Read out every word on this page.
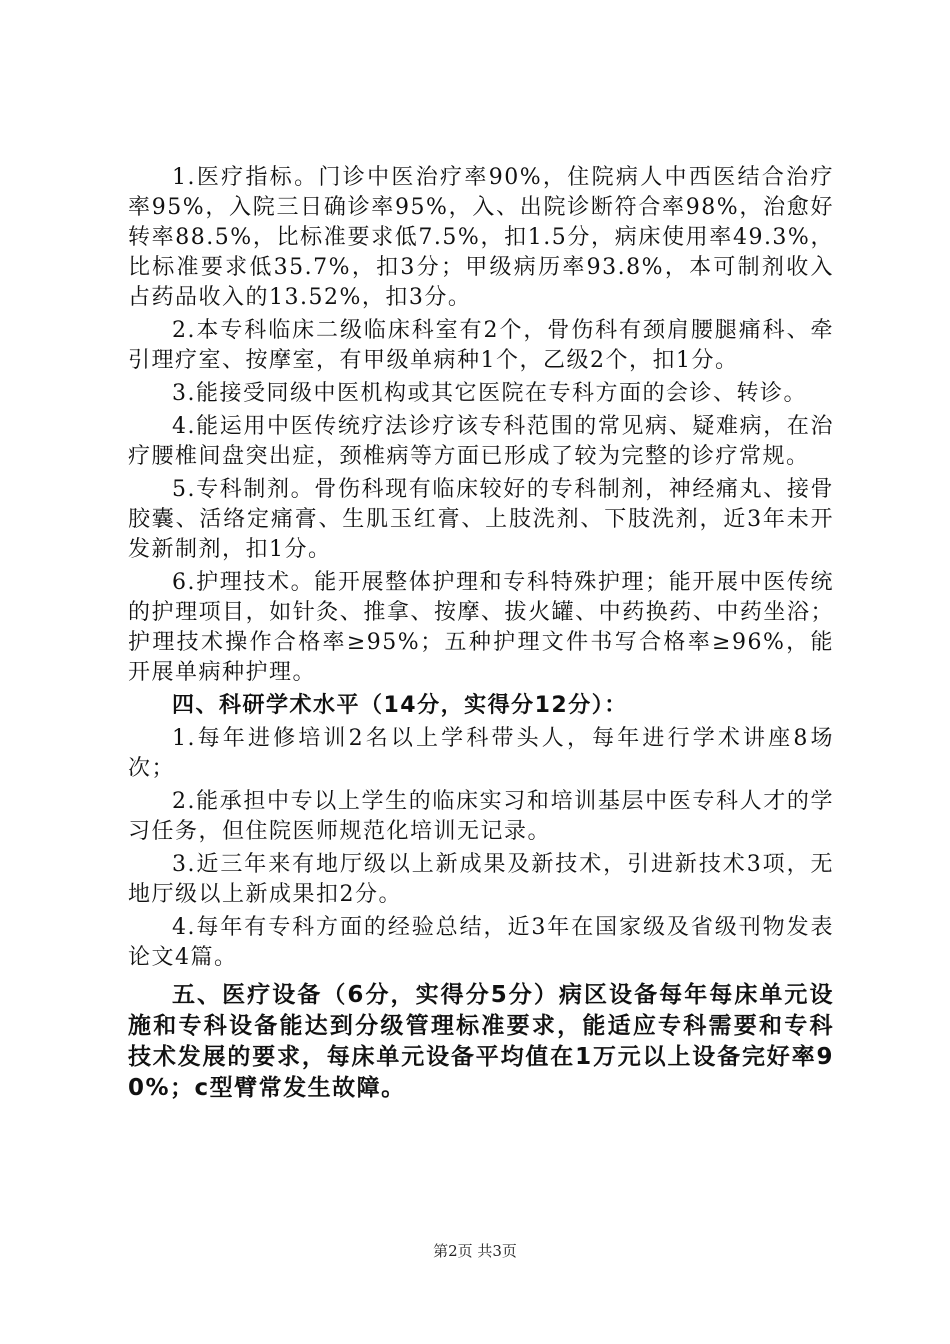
1.医疗指标。门诊中医治疗率90%，住院病人中西医结合治疗率95%，入院三日确诊率95%，入、出院诊断符合率98%，治愈好转率88.5%，比标准要求低7.5%，扣1.5分，病床使用率49.3%，比标准要求低35.7%，扣3分；甲级病历率93.8%，本可制剂收入占药品收入的13.52%，扣3分。

2.本专科临床二级临床科室有2个，骨伤科有颈肩腰腿痛科、牵引理疗室、按摩室，有甲级单病种1个，乙级2个，扣1分。

3.能接受同级中医机构或其它医院在专科方面的会诊、转诊。

4.能运用中医传统疗法诊疗该专科范围的常见病、疑难病，在治疗腰椎间盘突出症，颈椎病等方面已形成了较为完整的诊疗常规。

5.专科制剂。骨伤科现有临床较好的专科制剂，神经痛丸、接骨胶囊、活络定痛膏、生肌玉红膏、上肢洗剂、下肢洗剂，近3年未开发新制剂，扣1分。

6.护理技术。能开展整体护理和专科特殊护理；能开展中医传统的护理项目，如针灸、推拿、按摩、拔火罐、中药换药、中药坐浴；护理技术操作合格率≥95%；五种护理文件书写合格率≥96%，能开展单病种护理。

四、科研学术水平（14分，实得分12分）：

1.每年进修培训2名以上学科带头人，每年进行学术讲座8场次；

2.能承担中专以上学生的临床实习和培训基层中医专科人才的学习任务，但住院医师规范化培训无记录。

3.近三年来有地厅级以上新成果及新技术，引进新技术3项，无地厅级以上新成果扣2分。

4.每年有专科方面的经验总结，近3年在国家级及省级刊物发表论文4篇。

五、医疗设备（6分，实得分5分）病区设备每年每床单元设施和专科设备能达到分级管理标准要求，能适应专科需要和专科技术发展的要求，每床单元设备平均值在1万元以上设备完好率90%；c型臂常发生故障。

第2页 共3页
